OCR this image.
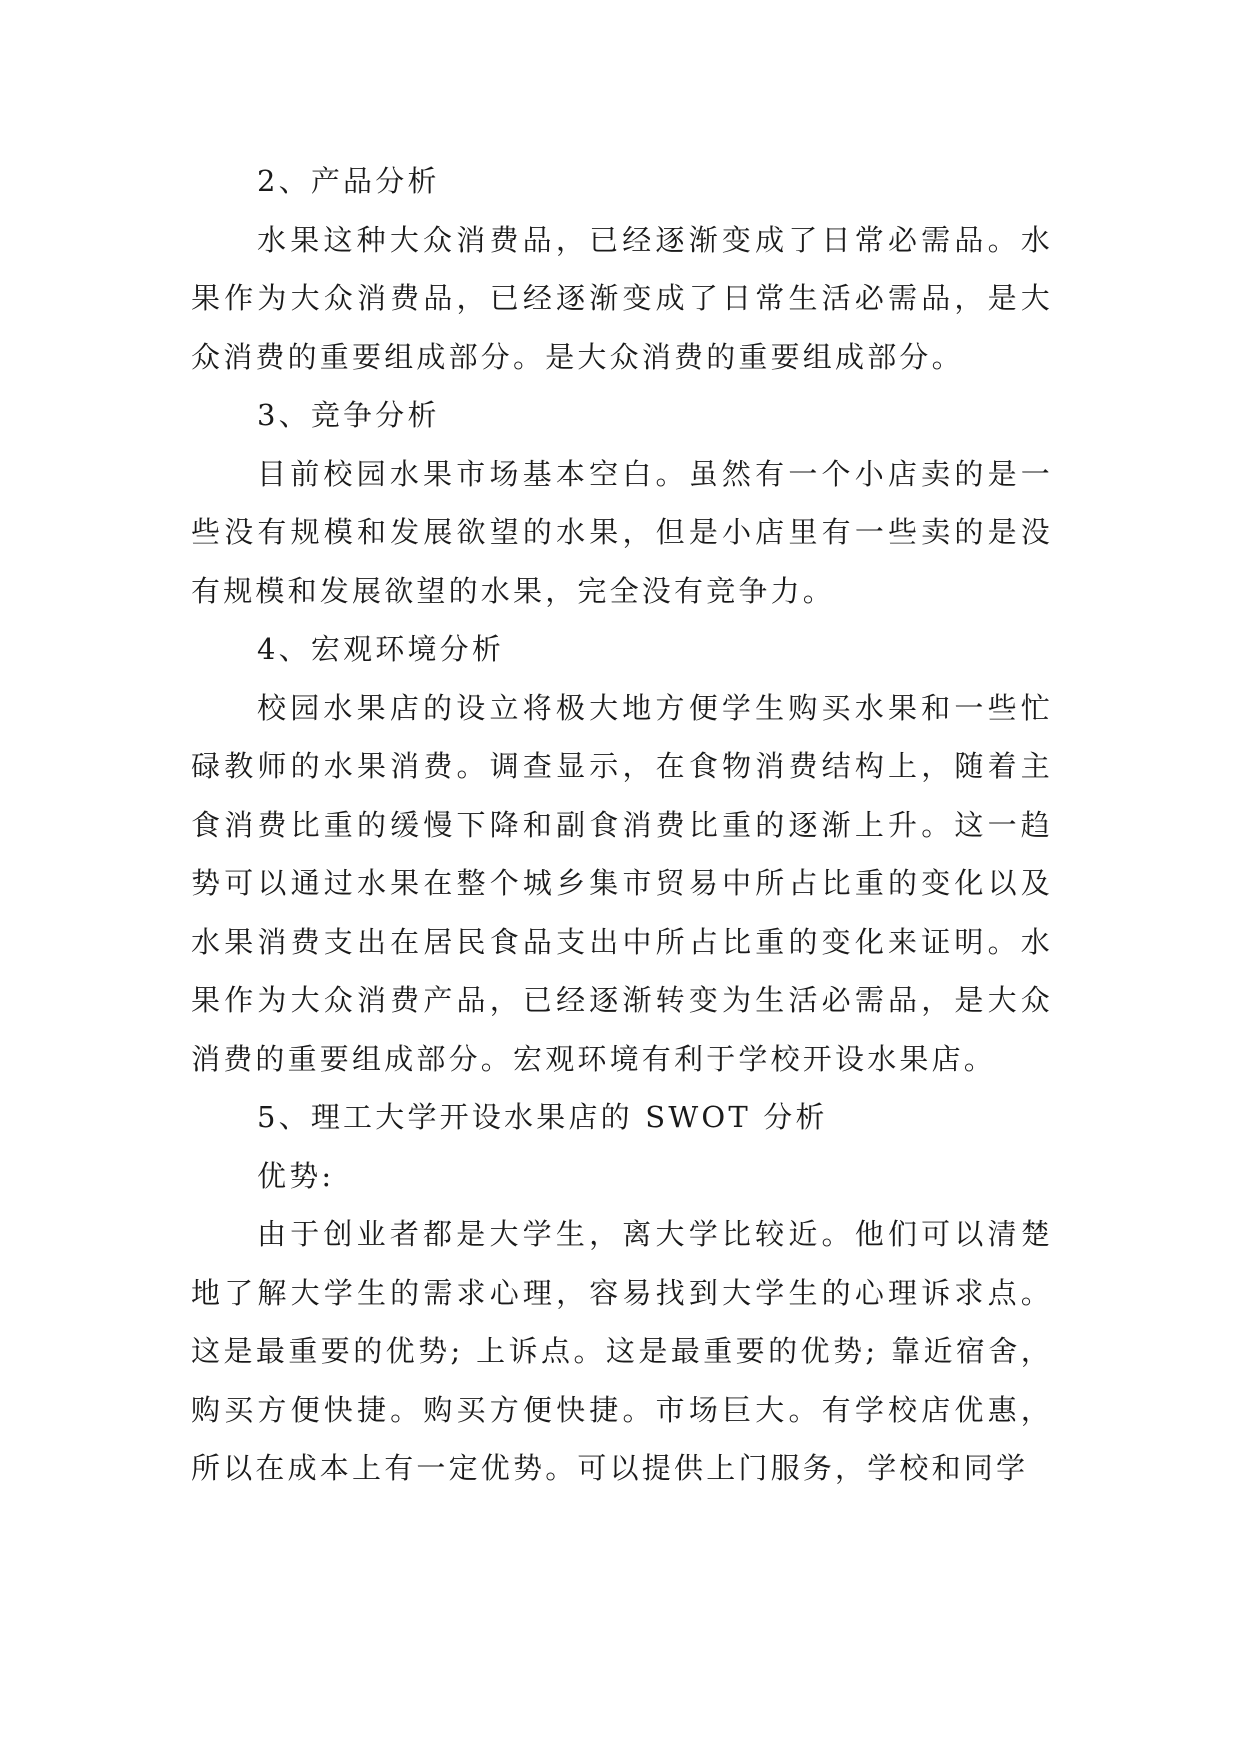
2、产品分析

水果这种大众消费品，已经逐渐变成了日常必需品。水果作为大众消费品，已经逐渐变成了日常生活必需品，是大众消费的重要组成部分。是大众消费的重要组成部分。

3、竞争分析

目前校园水果市场基本空白。虽然有一个小店卖的是一些没有规模和发展欲望的水果，但是小店里有一些卖的是没有规模和发展欲望的水果，完全没有竞争力。

4、宏观环境分析

校园水果店的设立将极大地方便学生购买水果和一些忙碌教师的水果消费。调查显示，在食物消费结构上，随着主食消费比重的缓慢下降和副食消费比重的逐渐上升。这一趋势可以通过水果在整个城乡集市贸易中所占比重的变化以及水果消费支出在居民食品支出中所占比重的变化来证明。水果作为大众消费产品，已经逐渐转变为生活必需品，是大众消费的重要组成部分。宏观环境有利于学校开设水果店。

5、理工大学开设水果店的 SWOT 分析

优势:

由于创业者都是大学生，离大学比较近。他们可以清楚地了解大学生的需求心理，容易找到大学生的心理诉求点。这是最重要的优势; 上诉点。这是最重要的优势; 靠近宿舍，购买方便快捷。购买方便快捷。市场巨大。有学校店优惠，所以在成本上有一定优势。可以提供上门服务，学校和同学
